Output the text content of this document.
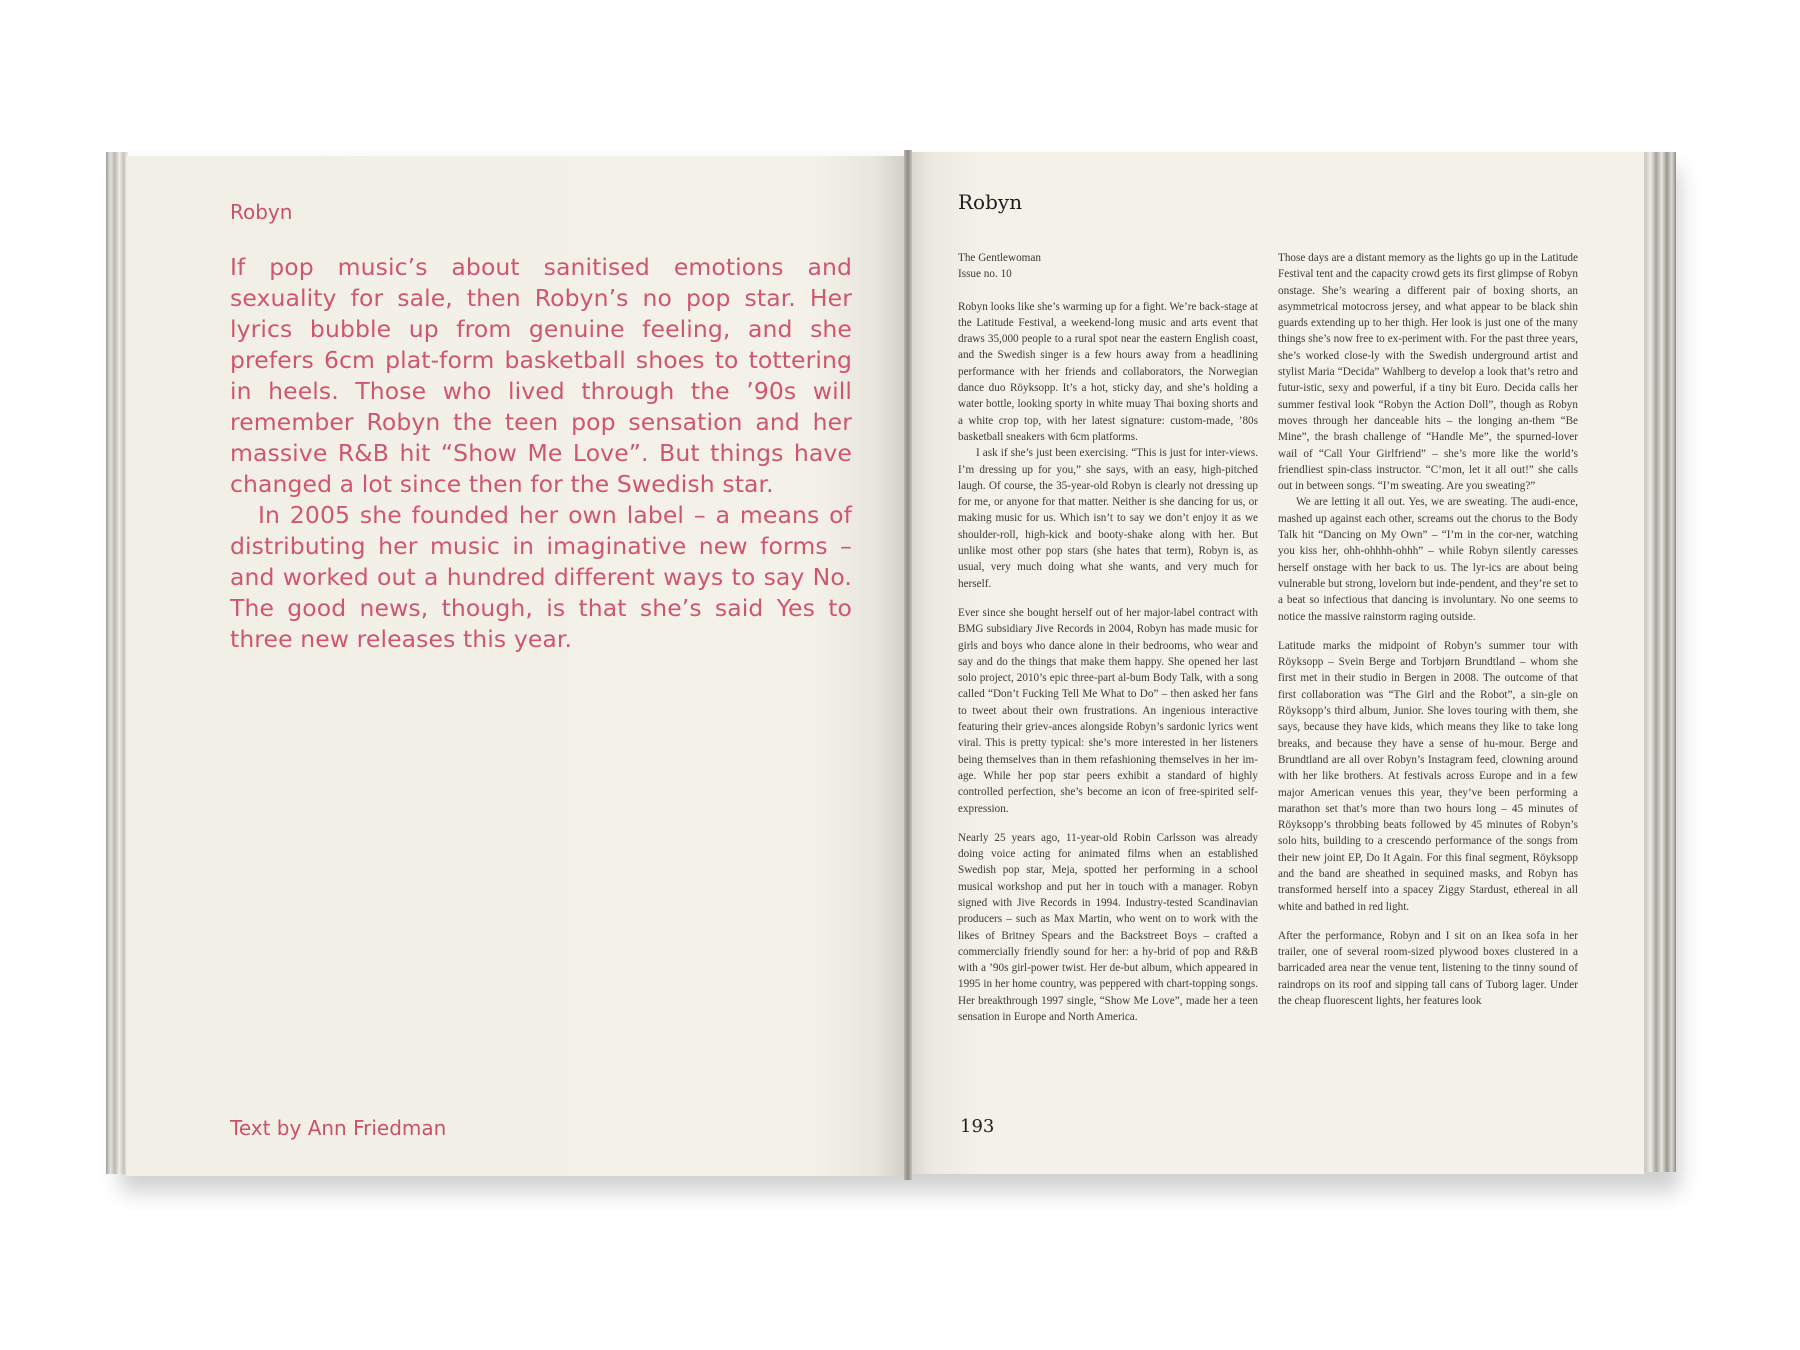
Robyn

If pop music’s about sanitised emotions and sexuality for sale, then Robyn’s no pop star. Her lyrics bubble up from genuine feeling, and she prefers 6cm plat-form basketball shoes to tottering in heels. Those who lived through the ’90s will remember Robyn the teen pop sensation and her massive R&B hit “Show Me Love”. But things have changed a lot since then for the Swedish star.

In 2005 she founded her own label – a means of distributing her music in imaginative new forms – and worked out a hundred different ways to say No. The good news, though, is that she’s said Yes to three new releases this year.

Text by Ann Friedman
Robyn
The Gentlewoman
Issue no. 10

Robyn looks like she’s warming up for a fight. We’re back-stage at the Latitude Festival, a weekend-long music and arts event that draws 35,000 people to a rural spot near the eastern English coast, and the Swedish singer is a few hours away from a headlining performance with her friends and collaborators, the Norwegian dance duo Röyksopp. It’s a hot, sticky day, and she’s holding a water bottle, looking sporty in white muay Thai boxing shorts and a white crop top, with her latest signature: custom-made, ’80s basketball sneakers with 6cm platforms.

I ask if she’s just been exercising. “This is just for inter-views. I’m dressing up for you,” she says, with an easy, high-pitched laugh. Of course, the 35-year-old Robyn is clearly not dressing up for me, or anyone for that matter. Neither is she dancing for us, or making music for us. Which isn’t to say we don’t enjoy it as we shoulder-roll, high-kick and booty-shake along with her. But unlike most other pop stars (she hates that term), Robyn is, as usual, very much doing what she wants, and very much for herself.

Ever since she bought herself out of her major-label contract with BMG subsidiary Jive Records in 2004, Robyn has made music for girls and boys who dance alone in their bedrooms, who wear and say and do the things that make them happy. She opened her last solo project, 2010’s epic three-part al-bum Body Talk, with a song called “Don’t Fucking Tell Me What to Do” – then asked her fans to tweet about their own frustrations. An ingenious interactive featuring their griev-ances alongside Robyn’s sardonic lyrics went viral. This is pretty typical: she’s more interested in her listeners being themselves than in them refashioning themselves in her im-age. While her pop star peers exhibit a standard of highly controlled perfection, she’s become an icon of free-spirited self-expression.

Nearly 25 years ago, 11-year-old Robin Carlsson was already doing voice acting for animated films when an established Swedish pop star, Meja, spotted her performing in a school musical workshop and put her in touch with a manager. Robyn signed with Jive Records in 1994. Industry-tested Scandinavian producers – such as Max Martin, who went on to work with the likes of Britney Spears and the Backstreet Boys – crafted a commercially friendly sound for her: a hy-brid of pop and R&B with a ’90s girl-power twist. Her de-but album, which appeared in 1995 in her home country, was peppered with chart-topping songs. Her breakthrough 1997 single, “Show Me Love”, made her a teen sensation in Europe and North America.

Those days are a distant memory as the lights go up in the Latitude Festival tent and the capacity crowd gets its first glimpse of Robyn onstage. She’s wearing a different pair of boxing shorts, an asymmetrical motocross jersey, and what appear to be black shin guards extending up to her thigh. Her look is just one of the many things she’s now free to ex-periment with. For the past three years, she’s worked close-ly with the Swedish underground artist and stylist Maria “Decida” Wahlberg to develop a look that’s retro and futur-istic, sexy and powerful, if a tiny bit Euro. Decida calls her summer festival look “Robyn the Action Doll”, though as Robyn moves through her danceable hits – the longing an-them “Be Mine”, the brash challenge of “Handle Me”, the spurned-lover wail of “Call Your Girlfriend” – she’s more like the world’s friendliest spin-class instructor. “C’mon, let it all out!” she calls out in between songs. “I’m sweating. Are you sweating?”

We are letting it all out. Yes, we are sweating. The audi-ence, mashed up against each other, screams out the chorus to the Body Talk hit “Dancing on My Own” – “I’m in the cor-ner, watching you kiss her, ohh-ohhhh-ohhh” – while Robyn silently caresses herself onstage with her back to us. The lyr-ics are about being vulnerable but strong, lovelorn but inde-pendent, and they’re set to a beat so infectious that dancing is involuntary. No one seems to notice the massive rainstorm raging outside.

Latitude marks the midpoint of Robyn’s summer tour with Röyksopp – Svein Berge and Torbjørn Brundtland – whom she first met in their studio in Bergen in 2008. The outcome of that first collaboration was “The Girl and the Robot”, a sin-gle on Röyksopp’s third album, Junior. She loves touring with them, she says, because they have kids, which means they like to take long breaks, and because they have a sense of hu-mour. Berge and Brundtland are all over Robyn’s Instagram feed, clowning around with her like brothers. At festivals across Europe and in a few major American venues this year, they’ve been performing a marathon set that’s more than two hours long – 45 minutes of Röyksopp’s throbbing beats followed by 45 minutes of Robyn’s solo hits, building to a crescendo performance of the songs from their new joint EP, Do It Again. For this final segment, Röyksopp and the band are sheathed in sequined masks, and Robyn has transformed herself into a spacey Ziggy Stardust, ethereal in all white and bathed in red light.

After the performance, Robyn and I sit on an Ikea sofa in her trailer, one of several room-sized plywood boxes clustered in a barricaded area near the venue tent, listening to the tinny sound of raindrops on its roof and sipping tall cans of Tuborg lager. Under the cheap fluorescent lights, her features look

193
